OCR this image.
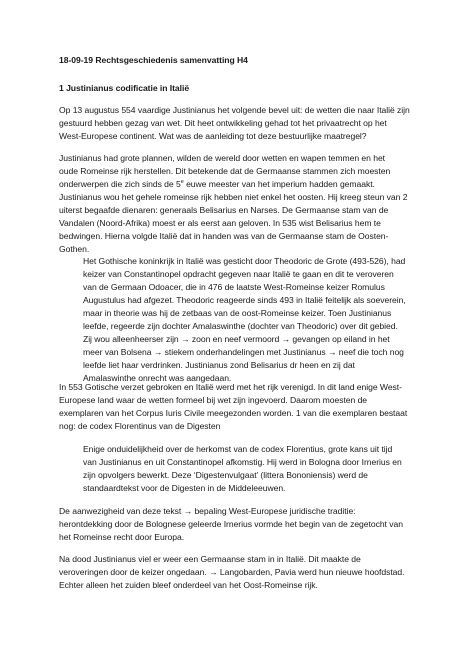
18-09-19 Rechtsgeschiedenis samenvatting H4
1 Justinianus codificatie in Italië
Op 13 augustus 554 vaardige Justinianus het volgende bevel uit: de wetten die naar Italië zijn
gestuurd hebben gezag van wet. Dit heet ontwikkeling gehad tot het privaatrecht op het
West-Europese continent. Wat was de aanleiding tot deze bestuurlijke maatregel?
Justinianus had grote plannen, wilden de wereld door wetten en wapen temmen en het
oude Romeinse rijk herstellen. Dit betekende dat de Germaanse stammen zich moesten
onderwerpen die zich sinds de 5e euwe meester van het imperium hadden gemaakt.
Justinianus wou het gehele romeinse rijk hebben niet enkel het oosten. Hij kreeg steun van 2
uiterst begaafde dienaren: generaals Belisarius en Narses. De Germaanse stam van de
Vandalen (Noord-Afrika) moest er als eerst aan geloven. In 535 wist Belisarius hem te
bedwingen. Hierna volgde Italië dat in handen was van de Germaanse stam de Oosten-
Gothen.
Het Gothische koninkrijk in Italië was gesticht door Theodoric de Grote (493-526), had
keizer van Constantinopel opdracht gegeven naar Italië te gaan en dit te veroveren
van de Germaan Odoacer, die in 476 de laatste West-Romeinse keizer Romulus
Augustulus had afgezet. Theodoric reageerde sinds 493 in Italië feitelijk als soeverein,
maar in theorie was hij de zetbaas van de oost-Romeinse keizer. Toen Justinianus
leefde, regeerde zijn dochter Amalaswinthe (dochter van Theodoric) over dit gebied.
Zij wou alleenheerser zijn → zoon en neef vermoord → gevangen op eiland in het
meer van Bolsena → stiekem onderhandelingen met Justinianus → neef die toch nog
leefde liet haar verdrinken. Justinianus zond Belisarius dr heen en zij dat
Amalaswinthe onrecht was aangedaan.
In 553 Gotische verzet gebroken en Italië werd met het rijk verenigd. In dit land enige West-
Europese land waar de wetten formeel bij wet zijn ingevoerd. Daarom moesten de
exemplaren van het Corpus Iuris Civile meegezonden worden. 1 van die exemplaren bestaat
nog: de codex Florentinus van de Digesten
Enige onduidelijkheid over de herkomst van de codex Florentius, grote kans uit tijd
van Justinianus en uit Constantinopel afkomstig. Hij werd in Bologna door Irnerius en
zijn opvolgers bewerkt. Deze ‘Digestenvulgaat’ (littera Bononiensis) werd de
standaardtekst voor de Digesten in de Middeleeuwen.
De aanwezigheid van deze tekst → bepaling West-Europese juridische traditie:
herontdekking door de Bolognese geleerde Irnerius vormde het begin van de zegetocht van
het Romeinse recht door Europa.
Na dood Justinianus viel er weer een Germaanse stam in in Italië. Dit maakte de
veroveringen door de keizer ongedaan. → Langobarden, Pavia werd hun nieuwe hoofdstad.
Echter alleen het zuiden bleef onderdeel van het Oost-Romeinse rijk.
